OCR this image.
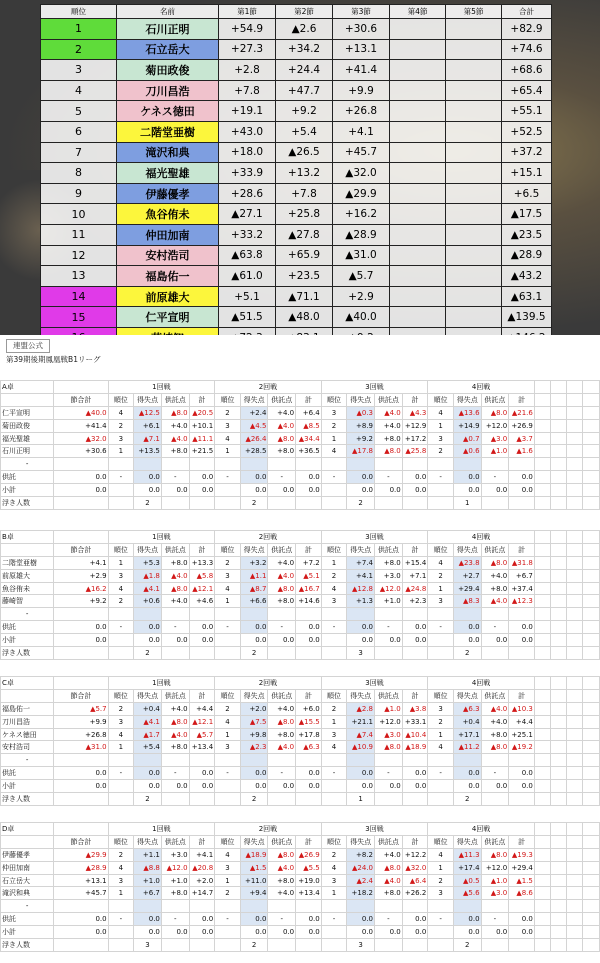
順位	名前	第1節	第2節	第3節	第4節	第5節	合計
1	石川正明	+54.9	▲2.6	+30.6			+82.9
2	石立岳大	+27.3	+34.2	+13.1			+74.6
3	菊田政俊	+2.8	+24.4	+41.4			+68.6
4	刀川昌浩	+7.8	+47.7	+9.9			+65.4
5	ケネス徳田	+19.1	+9.2	+26.8			+55.1
6	二階堂亜樹	+43.0	+5.4	+4.1			+52.5
7	滝沢和典	+18.0	▲26.5	+45.7			+37.2
8	福光聖雄	+33.9	+13.2	▲32.0			+15.1
9	伊藤優孝	+28.6	+7.8	▲29.9			+6.5
10	魚谷侑未	▲27.1	+25.8	+16.2			▲17.5
11	仲田加南	+33.2	▲27.8	▲28.9			▲23.5
12	安村浩司	▲63.8	+65.9	▲31.0			▲28.9
13	福島佑一	▲61.0	+23.5	▲5.7			▲43.2
14	前原雄大	+5.1	▲71.1	+2.9			▲63.1
15	仁平宣明	▲51.5	▲48.0	▲40.0			▲139.5

連盟公式
第39期後期鳳凰戦B1リーグ
A卓		1回戦				2回戦				3回戦				4回戦							
	節合計	順位	得失点	供託点	計	順位	得失点	供託点	計	順位	得失点	供託点	計	順位	得失点	供託点	計				
仁平宣明	▲40.0	4	▲12.5	▲8.0	▲20.5	2	+2.4	+4.0	+6.4	3	▲0.3	▲4.0	▲4.3	4	▲13.6	▲8.0	▲21.6				
菊田政俊	+41.4	2	+6.1	+4.0	+10.1	3	▲4.5	▲4.0	▲8.5	2	+8.9	+4.0	+12.9	1	+14.9	+12.0	+26.9				
福光聖雄	▲32.0	3	▲7.1	▲4.0	▲11.1	4	▲26.4	▲8.0	▲34.4	1	+9.2	+8.0	+17.2	3	▲0.7	▲3.0	▲3.7				
石川正明	+30.6	1	+13.5	+8.0	+21.5	1	+28.5	+8.0	+36.5	4	▲17.8	▲8.0	▲25.8	2	▲0.6	▲1.0	▲1.6				
-																					
供託	0.0	-	0.0	-	0.0	-	0.0	-	0.0	-	0.0	-	0.0	-	0.0	-	0.0				
小計	0.0		0.0	0.0	0.0		0.0	0.0	0.0		0.0	0.0	0.0		0.0	0.0	0.0				
浮き人数			2				2				2				1						
B卓		1回戦				2回戦				3回戦				4回戦							
	節合計	順位	得失点	供託点	計	順位	得失点	供託点	計	順位	得失点	供託点	計	順位	得失点	供託点	計				
二階堂亜樹	+4.1	1	+5.3	+8.0	+13.3	2	+3.2	+4.0	+7.2	1	+7.4	+8.0	+15.4	4	▲23.8	▲8.0	▲31.8				
前原雄大	+2.9	3	▲1.8	▲4.0	▲5.8	3	▲1.1	▲4.0	▲5.1	2	+4.1	+3.0	+7.1	2	+2.7	+4.0	+6.7				
魚谷侑未	▲16.2	4	▲4.1	▲8.0	▲12.1	4	▲8.7	▲8.0	▲16.7	4	▲12.8	▲12.0	▲24.8	1	+29.4	+8.0	+37.4				
藤崎智	+9.2	2	+0.6	+4.0	+4.6	1	+6.6	+8.0	+14.6	3	+1.3	+1.0	+2.3	3	▲8.3	▲4.0	▲12.3				
-																					
供託	0.0	-	0.0	-	0.0	-	0.0	-	0.0	-	0.0	-	0.0	-	0.0	-	0.0				
小計	0.0		0.0	0.0	0.0		0.0	0.0	0.0		0.0	0.0	0.0		0.0	0.0	0.0				
浮き人数			2				2				3				2						
C卓		1回戦				2回戦				3回戦				4回戦							
	節合計	順位	得失点	供託点	計	順位	得失点	供託点	計	順位	得失点	供託点	計	順位	得失点	供託点	計				
福島佑一	▲5.7	2	+0.4	+4.0	+4.4	2	+2.0	+4.0	+6.0	2	▲2.8	▲1.0	▲3.8	3	▲6.3	▲4.0	▲10.3				
刀川昌浩	+9.9	3	▲4.1	▲8.0	▲12.1	4	▲7.5	▲8.0	▲15.5	1	+21.1	+12.0	+33.1	2	+0.4	+4.0	+4.4				
ケネス徳田	+26.8	4	▲1.7	▲4.0	▲5.7	1	+9.8	+8.0	+17.8	3	▲7.4	▲3.0	▲10.4	1	+17.1	+8.0	+25.1				
安村浩司	▲31.0	1	+5.4	+8.0	+13.4	3	▲2.3	▲4.0	▲6.3	4	▲10.9	▲8.0	▲18.9	4	▲11.2	▲8.0	▲19.2				
-																					
供託	0.0	-	0.0	-	0.0	-	0.0	-	0.0	-	0.0	-	0.0	-	0.0	-	0.0				
小計	0.0		0.0	0.0	0.0		0.0	0.0	0.0		0.0	0.0	0.0		0.0	0.0	0.0				
浮き人数			2				2				1				2						
D卓		1回戦				2回戦				3回戦				4回戦							
	節合計	順位	得失点	供託点	計	順位	得失点	供託点	計	順位	得失点	供託点	計	順位	得失点	供託点	計				
伊藤優孝	▲29.9	2	+1.1	+3.0	+4.1	4	▲18.9	▲8.0	▲26.9	2	+8.2	+4.0	+12.2	4	▲11.3	▲8.0	▲19.3				
仲田加南	▲28.9	4	▲8.8	▲12.0	▲20.8	3	▲1.5	▲4.0	▲5.5	4	▲24.0	▲8.0	▲32.0	1	+17.4	+12.0	+29.4				
石立岳大	+13.1	3	+1.0	+1.0	+2.0	1	+11.0	+8.0	+19.0	3	▲2.4	▲4.0	▲6.4	2	▲0.5	▲1.0	▲1.5				
滝沢和典	+45.7	1	+6.7	+8.0	+14.7	2	+9.4	+4.0	+13.4	1	+18.2	+8.0	+26.2	3	▲5.6	▲3.0	▲8.6				
-																					
供託	0.0	-	0.0	-	0.0	-	0.0	-	0.0	-	0.0	-	0.0	-	0.0	-	0.0				
小計	0.0		0.0	0.0	0.0		0.0	0.0	0.0		0.0	0.0	0.0		0.0	0.0	0.0				
浮き人数			3				2				3				2						
